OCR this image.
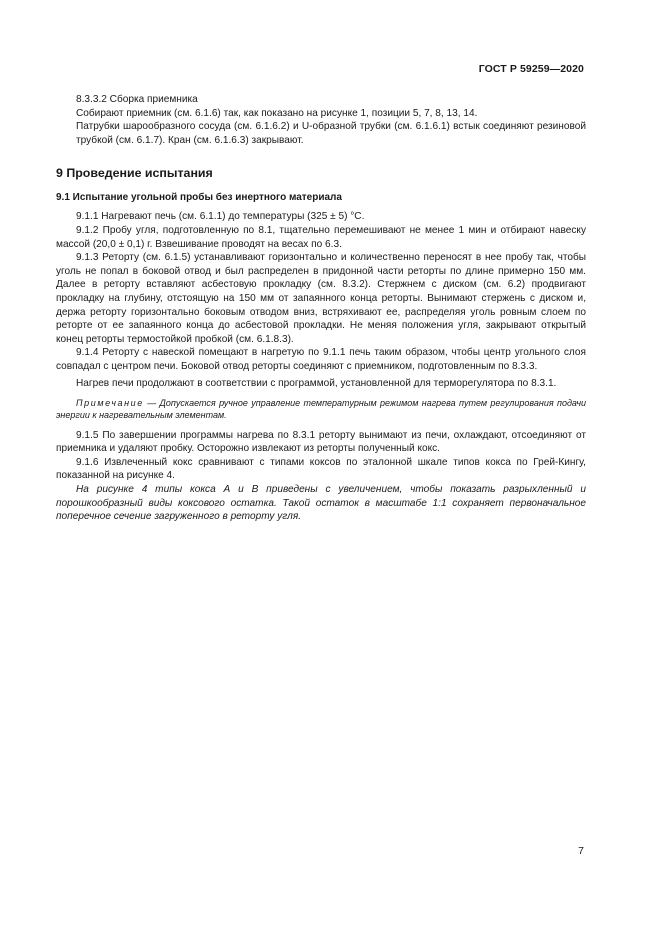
ГОСТ Р 59259—2020

8.3.3.2 Сборка приемника

Собирают приемник (см. 6.1.6) так, как показано на рисунке 1, позиции 5, 7, 8, 13, 14.

Патрубки шарообразного сосуда (см. 6.1.6.2) и U-образной трубки (см. 6.1.6.1) встык соединяют резиновой трубкой (см. 6.1.7). Кран (см. 6.1.6.3) закрывают.

9 Проведение испытания
9.1 Испытание угольной пробы без инертного материала

9.1.1 Нагревают печь (см. 6.1.1) до температуры (325 ± 5) °С.

9.1.2 Пробу угля, подготовленную по 8.1, тщательно перемешивают не менее 1 мин и отбирают навеску массой (20,0 ± 0,1) г. Взвешивание проводят на весах по 6.3.

9.1.3 Реторту (см. 6.1.5) устанавливают горизонтально и количественно переносят в нее пробу так, чтобы уголь не попал в боковой отвод и был распределен в придонной части реторты по длине примерно 150 мм. Далее в реторту вставляют асбестовую прокладку (см. 8.3.2). Стержнем с диском (см. 6.2) продвигают прокладку на глубину, отстоящую на 150 мм от запаянного конца реторты. Вынимают стержень с диском и, держа реторту горизонтально боковым отводом вниз, встряхивают ее, распределяя уголь ровным слоем по реторте от ее запаянного конца до асбестовой прокладки. Не меняя положения угля, закрывают открытый конец реторты термостойкой пробкой (см. 6.1.8.3).

9.1.4 Реторту с навеской помещают в нагретую по 9.1.1 печь таким образом, чтобы центр угольного слоя совпадал с центром печи. Боковой отвод реторты соединяют с приемником, подготовленным по 8.3.3.

Нагрев печи продолжают в соответствии с программой, установленной для терморегулятора по 8.3.1.

Примечание — Допускается ручное управление температурным режимом нагрева путем регулирования подачи энергии к нагревательным элементам.

9.1.5 По завершении программы нагрева по 8.3.1 реторту вынимают из печи, охлаждают, отсоединяют от приемника и удаляют пробку. Осторожно извлекают из реторты полученный кокс.

9.1.6 Извлеченный кокс сравнивают с типами коксов по эталонной шкале типов кокса по Грей-Кингу, показанной на рисунке 4.

На рисунке 4 типы кокса А и В приведены с увеличением, чтобы показать разрыхленный и порошкообразный виды коксового остатка. Такой остаток в масштабе 1:1 сохраняет первоначальное поперечное сечение загруженного в реторту угля.

7
